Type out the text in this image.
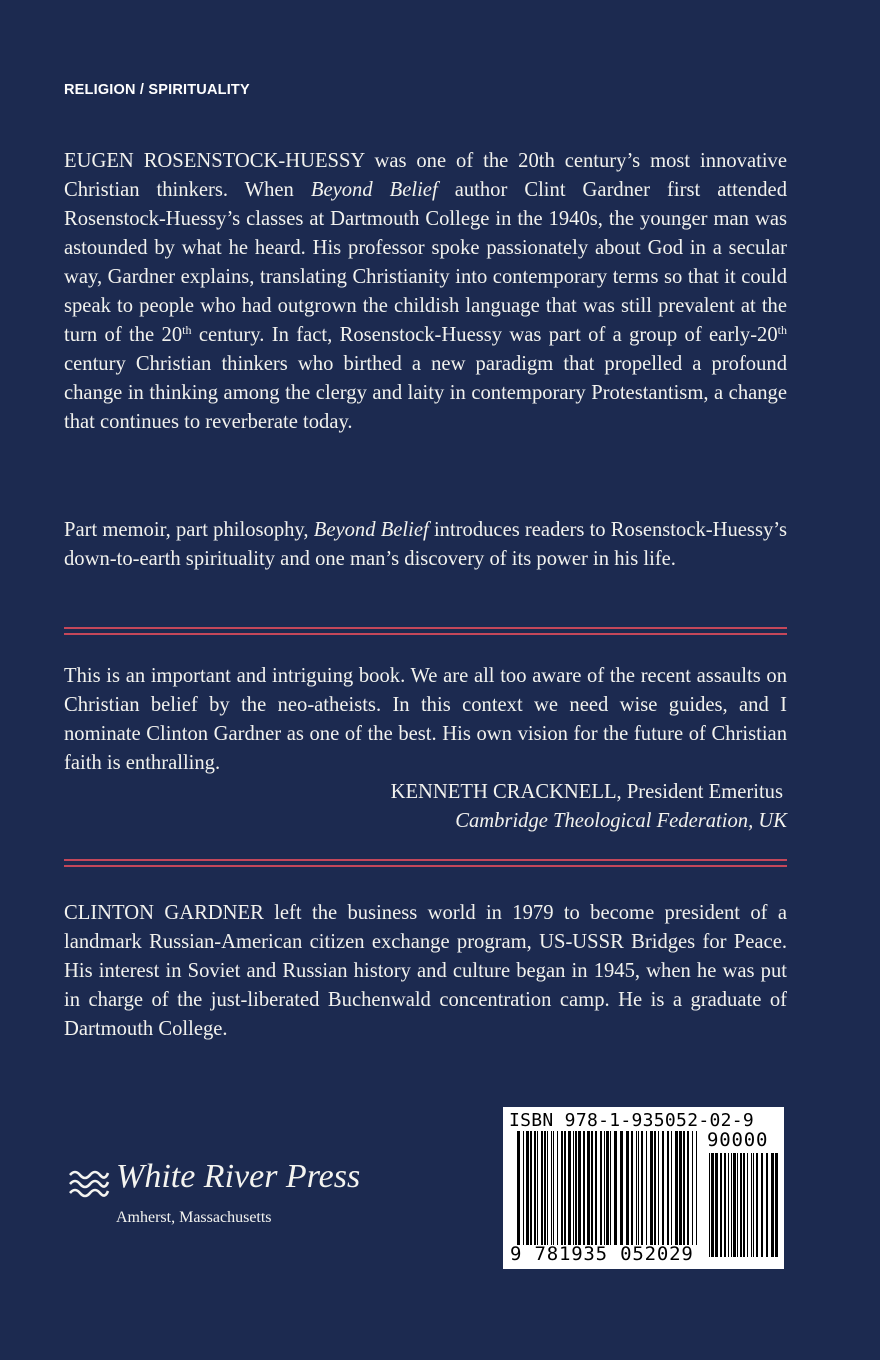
RELIGION / SPIRITUALITY

EUGEN ROSENSTOCK-HUESSY was one of the 20th century’s most innovative Christian thinkers. When Beyond Belief author Clint Gardner first attended Rosenstock-Huessy’s classes at Dartmouth College in the 1940s, the younger man was astounded by what he heard. His professor spoke passionately about God in a secular way, Gardner explains, translating Christianity into contemporary terms so that it could speak to people who had outgrown the childish language that was still prevalent at the turn of the 20th century. In fact, Rosenstock-Huessy was part of a group of early-20th century Christian thinkers who birthed a new paradigm that propelled a profound change in thinking among the clergy and laity in contemporary Protestantism, a change that continues to reverberate today.

Part memoir, part philosophy, Beyond Belief introduces readers to Rosenstock-Huessy’s down-to-earth spirituality and one man’s discovery of its power in his life.

This is an important and intriguing book. We are all too aware of the recent assaults on Christian belief by the neo-atheists. In this context we need wise guides, and I nominate Clinton Gardner as one of the best. His own vision for the future of Christian faith is enthralling.

KENNETH CRACKNELL, President Emeritus
Cambridge Theological Federation, UK

CLINTON GARDNER left the business world in 1979 to become president of a landmark Russian-American citizen exchange program, US-USSR Bridges for Peace. His interest in Soviet and Russian history and culture began in 1945, when he was put in charge of the just-liberated Buchenwald concentration camp. He is a graduate of Dartmouth College.

White River Press
Amherst, Massachusetts
ISBN 978-1-935052-02-9
90000
9 781935 052029
